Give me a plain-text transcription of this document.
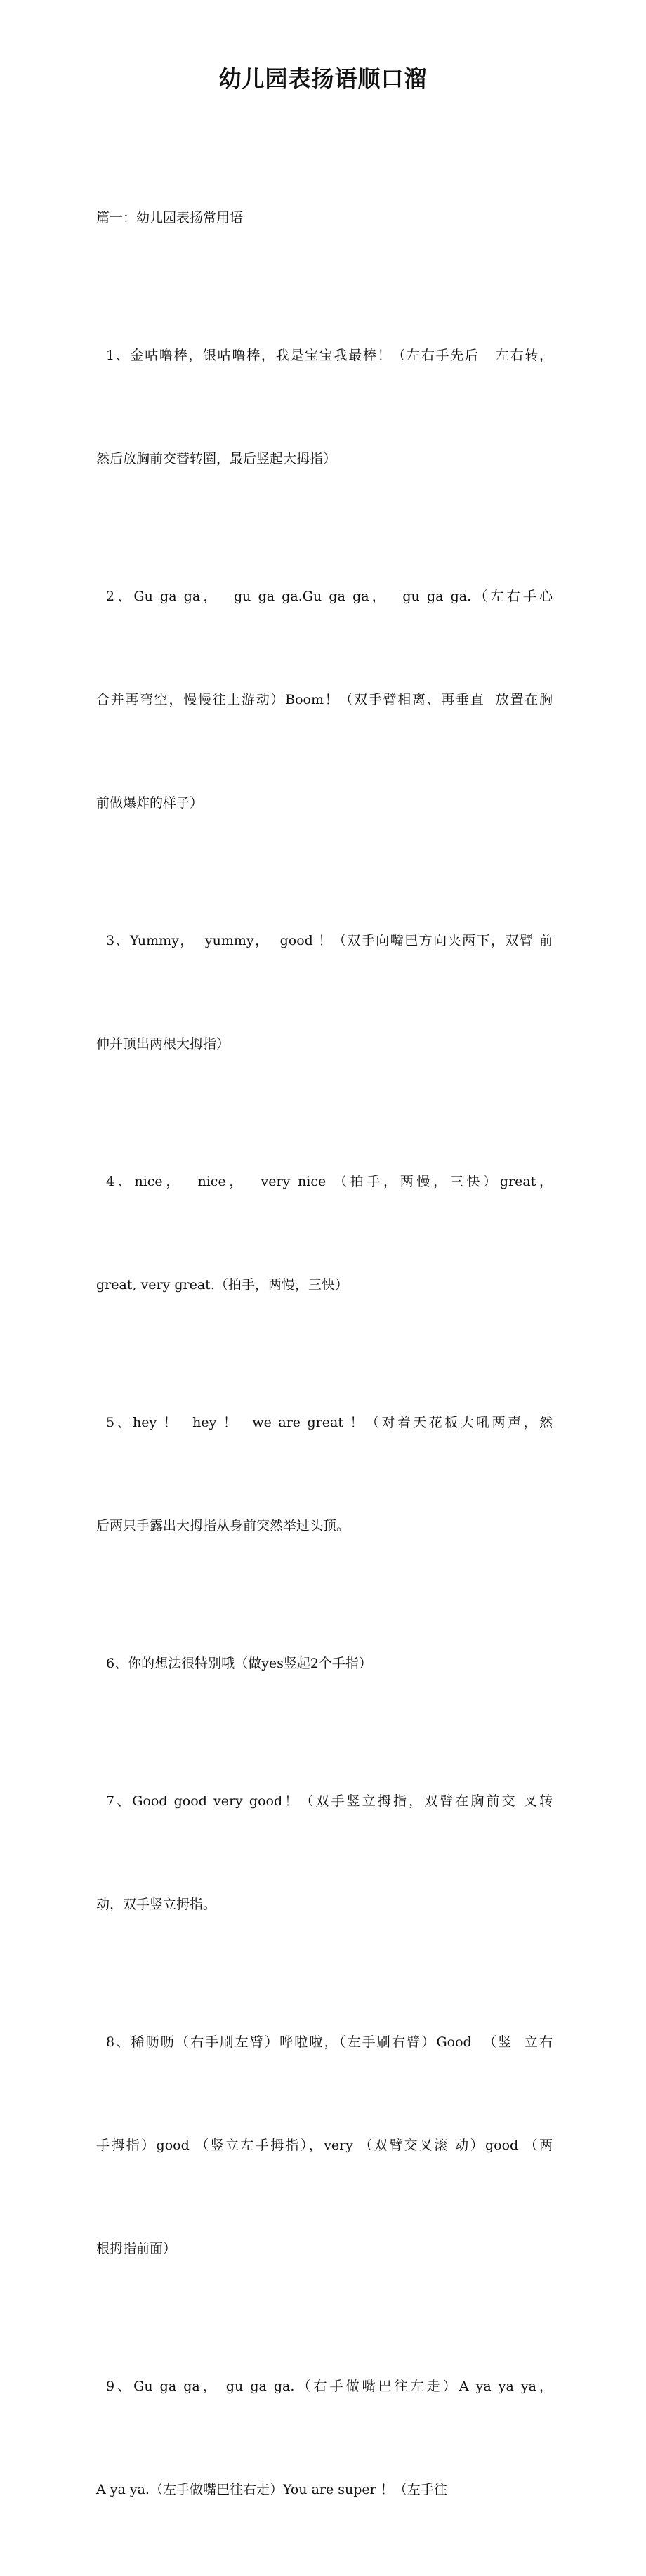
幼儿园表扬语顺口溜

篇一：幼儿园表扬常用语

1、金咕噜棒，银咕噜棒，我是宝宝我最棒！（左右手先后   左右转，

然后放胸前交替转圈，最后竖起大拇指）

2、Gu ga ga，  gu ga ga.Gu ga ga，  gu ga ga.（左右手心

合并再弯空，慢慢往上游动）Boom！（双手臂相离、再垂直  放置在胸

前做爆炸的样子）

3、Yummy，  yummy，  good ！（双手向嘴巴方向夹两下，双臂 前

伸并顶出两根大拇指）

4、nice，  nice，  very nice （拍手，两慢，三快）great，

great, very great.（拍手，两慢，三快）

5、hey ！  hey ！  we are great ！（对着天花板大吼两声，然

后两只手露出大拇指从身前突然举过头顶。

6、你的想法很特别哦（做yes竖起2个手指）

7、Good good very good！（双手竖立拇指，双臂在胸前交 叉转

动，双手竖立拇指。

8、稀呖呖（右手刷左臂）哗啦啦，（左手刷右臂）Good  （竖  立右

手拇指）good （竖立左手拇指），very （双臂交叉滚 动）good （两

根拇指前面）

9、Gu ga ga， gu ga ga.（右手做嘴巴往左走）A ya ya ya，

A ya ya.（左手做嘴巴往右走）You are super ！（左手往
